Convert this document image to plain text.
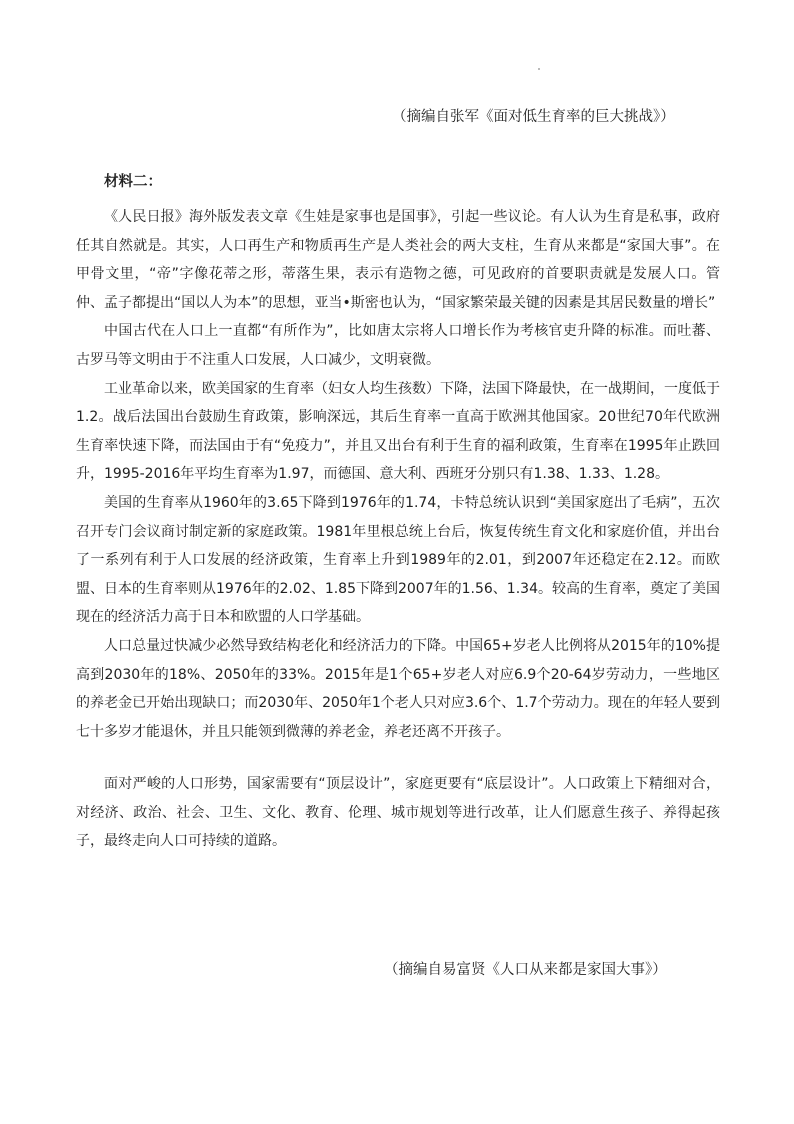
（摘编自张军《面对低生育率的巨大挑战》）
材料二：

《人民日报》海外版发表文章《生娃是家事也是国事》，引起一些议论。有人认为生育是私事，政府任其自然就是。其实，人口再生产和物质再生产是人类社会的两大支柱，生育从来都是“家国大事”。在甲骨文里，“帝”字像花蒂之形，蒂落生果，表示有造物之德，可见政府的首要职责就是发展人口。管仲、孟子都提出“国以人为本”的思想，亚当•斯密也认为，“国家繁荣最关键的因素是其居民数量的增长”

中国古代在人口上一直都“有所作为”，比如唐太宗将人口增长作为考核官吏升降的标准。而吐蕃、古罗马等文明由于不注重人口发展，人口减少，文明衰微。

工业革命以来，欧美国家的生育率（妇女人均生孩数）下降，法国下降最快，在一战期间，一度低于1.2。战后法国出台鼓励生育政策，影响深远，其后生育率一直高于欧洲其他国家。20世纪70年代欧洲生育率快速下降，而法国由于有“免疫力”，并且又出台有利于生育的福利政策，生育率在1995年止跌回升，1995-2016年平均生育率为1.97，而德国、意大利、西班牙分别只有1.38、1.33、1.28。

美国的生育率从1960年的3.65下降到1976年的1.74，卡特总统认识到“美国家庭出了毛病”，五次召开专门会议商讨制定新的家庭政策。1981年里根总统上台后，恢复传统生育文化和家庭价值，并出台了一系列有利于人口发展的经济政策，生育率上升到1989年的2.01，到2007年还稳定在2.12。而欧盟、日本的生育率则从1976年的2.02、1.85下降到2007年的1.56、1.34。较高的生育率，奠定了美国现在的经济活力高于日本和欧盟的人口学基础。

人口总量过快减少必然导致结构老化和经济活力的下降。中国65+岁老人比例将从2015年的10%提高到2030年的18%、2050年的33%。2015年是1个65+岁老人对应6.9个20-64岁劳动力，一些地区的养老金已开始出现缺口；而2030年、2050年1个老人只对应3.6个、1.7个劳动力。现在的年轻人要到七十多岁才能退休，并且只能领到微薄的养老金，养老还离不开孩子。

面对严峻的人口形势，国家需要有“顶层设计”，家庭更要有“底层设计”。人口政策上下精细对合，对经济、政治、社会、卫生、文化、教育、伦理、城市规划等进行改革，让人们愿意生孩子、养得起孩子，最终走向人口可持续的道路。

（摘编自易富贤《人口从来都是家国大事》）
